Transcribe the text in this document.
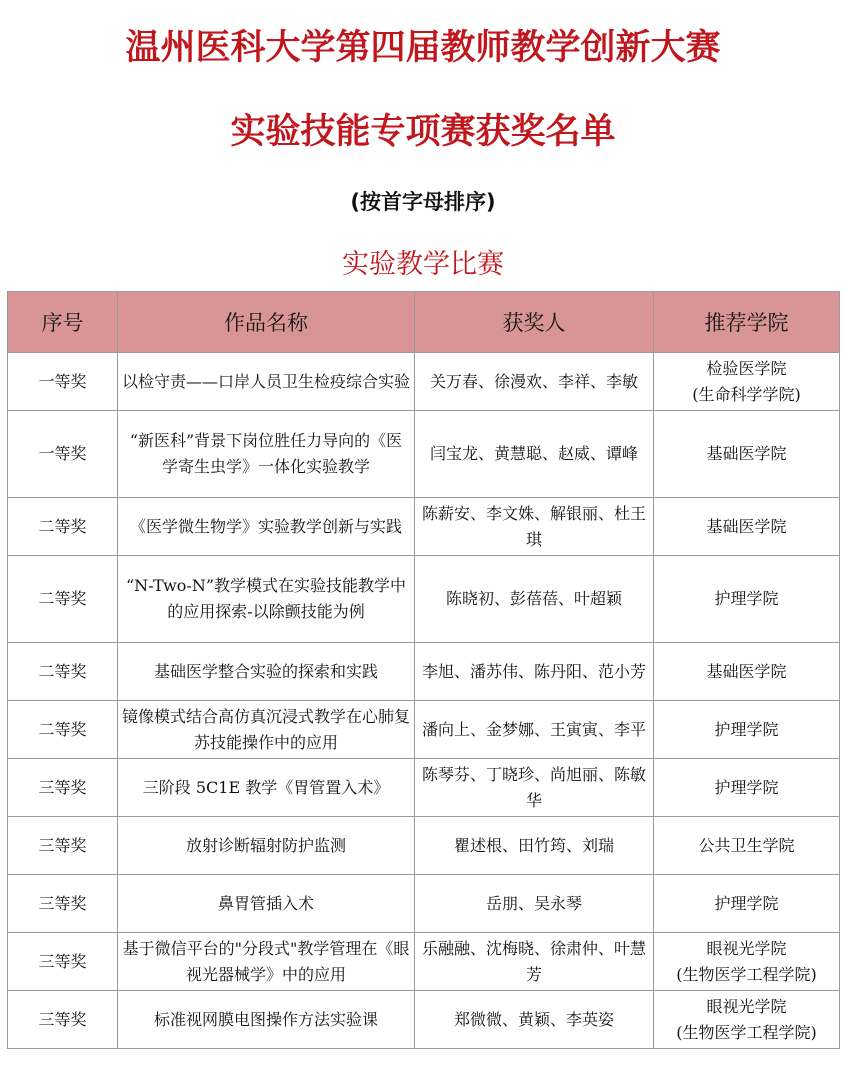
温州医科大学第四届教师教学创新大赛
实验技能专项赛获奖名单
(按首字母排序)
实验教学比赛
序号	作品名称	获奖人	推荐学院
一等奖	以检守责——口岸人员卫生检疫综合实验	关万春、徐漫欢、李祥、李敏	检验医学院
(生命科学学院)
一等奖	“新医科”背景下岗位胜任力导向的《医学寄生虫学》一体化实验教学	闫宝龙、黄慧聪、赵威、谭峰	基础医学院
二等奖	《医学微生物学》实验教学创新与实践	陈薪安、李文姝、解银丽、杜王琪	基础医学院
二等奖	“N-Two-N”教学模式在实验技能教学中的应用探索-以除颤技能为例	陈晓初、彭蓓蓓、叶超颖	护理学院
二等奖	基础医学整合实验的探索和实践	李旭、潘苏伟、陈丹阳、范小芳	基础医学院
二等奖	镜像模式结合高仿真沉浸式教学在心肺复苏技能操作中的应用	潘向上、金梦娜、王寅寅、李平	护理学院
三等奖	三阶段 5C1E 教学《胃管置入术》	陈琴芬、丁晓珍、尚旭丽、陈敏华	护理学院
三等奖	放射诊断辐射防护监测	瞿述根、田竹筠、刘瑞	公共卫生学院
三等奖	鼻胃管插入术	岳朋、吴永琴	护理学院
三等奖	基于微信平台的"分段式"教学管理在《眼视光器械学》中的应用	乐融融、沈梅晓、徐肃仲、叶慧芳	眼视光学院
(生物医学工程学院)
三等奖	标准视网膜电图操作方法实验课	郑微微、黄颖、李英姿	眼视光学院
(生物医学工程学院)
